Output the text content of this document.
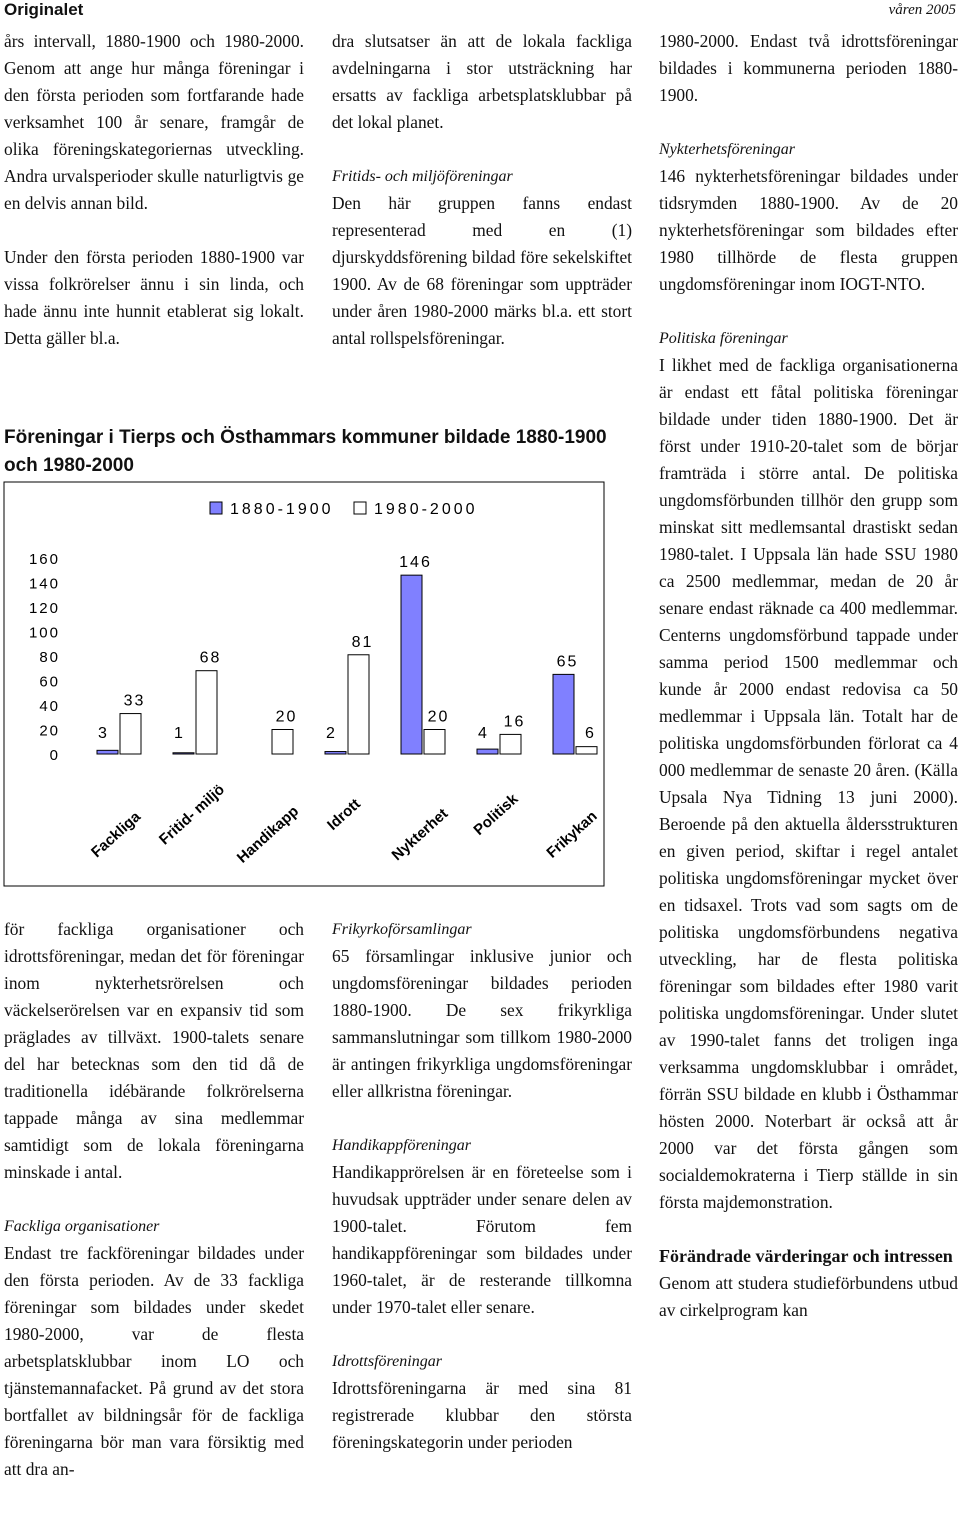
Originalet	våren 2005

års intervall, 1880-1900 och 1980-2000. Genom att ange hur många föreningar i den första perioden som fortfarande hade verksamhet 100 år senare, framgår de olika föreningskategoriernas utveckling. Andra urvalsperioder skulle naturligtvis ge en delvis annan bild.

Under den första perioden 1880-1900 var vissa folkrörelser ännu i sin linda, och hade ännu inte hunnit etablerat sig lokalt. Detta gäller bl.a.

dra slutsatser än att de lokala fackliga avdelningarna i stor utsträckning har ersatts av fackliga arbetsplatsklubbar på det lokal planet.

Fritids- och miljöföreningar

Den här gruppen fanns endast representerad med en (1) djurskyddsförening bildad före sekelskiftet 1900. Av de 68 föreningar som uppträder under åren 1980-2000 märks bl.a. ett stort antal rollspelsföreningar.

1980-2000. Endast två idrottsföreningar bildades i kommunerna perioden 1880-1900.

Nykterhetsföreningar

146 nykterhetsföreningar bildades under tidsrymden 1880-1900. Av de 20 nykterhetsföreningar som bildades efter 1980 tillhörde de flesta gruppen ungdomsföreningar inom IOGT-NTO.

Politiska föreningar

I likhet med de fackliga organisationerna är endast ett fåtal politiska föreningar bildade under tiden 1880-1900. Det är först under 1910-20-talet som de börjar framträda i större antal. De politiska ungdomsförbunden tillhör den grupp som minskat sitt medlemsantal drastiskt sedan 1980-talet. I Uppsala län hade SSU 1980 ca 2500 medlemmar, medan de 20 år senare endast räknade ca 400 medlemmar. Centerns ungdomsförbund tappade under samma period 1500 medlemmar och kunde år 2000 endast redovisa ca 50 medlemmar i Uppsala län. Totalt har de politiska ungdomsförbunden förlorat ca 4 000 medlemmar de senaste 20 åren. (Källa Upsala Nya Tidning 13 juni 2000). Beroende på den aktuella åldersstrukturen en given period, skiftar i regel antalet politiska ungdomsföreningar mycket över en tidsaxel. Trots vad som sagts om de politiska ungdomsförbundens negativa utveckling, har de flesta politiska föreningar som bildades efter 1980 varit politiska ungdomsföreningar. Under slutet av 1990-talet fanns det troligen inga verksamma ungdomsklubbar i området, förrän SSU bildade en klubb i Östhammar hösten 2000. Noterbart är också att år 2000 var det första gången som socialdemokraterna i Tierp ställde in sin första majdemonstration.

Förändrade värderingar och intressen

Genom att studera studieförbundens utbud av cirkelprogram kan

Föreningar i Tierps och Östhammars kommuner bildade 1880-1900 och 1980-2000
1880-1900	1980-2000
160
140
120
100
80
60
40
20
0
3
33
1
68
20
2
81
146
20
4
16
65
6
Fackliga Fritid- miljö Handikapp Idrott Nykterhet Politisk Frikykan

för fackliga organisationer och idrottsföreningar, medan det för föreningar inom nykterhetsrörelsen och väckelserörelsen var en expansiv tid som präglades av tillväxt. 1900-talets senare del har betecknas som den tid då de traditionella idébärande folkrörelserna tappade många av sina medlemmar samtidigt som de lokala föreningarna minskade i antal.

Fackliga organisationer

Endast tre fackföreningar bildades under den första perioden. Av de 33 fackliga föreningar som bildades under skedet 1980-2000, var de flesta arbetsplatsklubbar inom LO och tjänstemannafacket. På grund av det stora bortfallet av bildningsår för de fackliga föreningarna bör man vara försiktig med att dra an-

Frikyrkoförsamlingar

65 församlingar inklusive junior och ungdomsföreningar bildades perioden 1880-1900. De sex frikyrkliga sammanslutningar som tillkom 1980-2000 är antingen frikyrkliga ungdomsföreningar eller allkristna föreningar.

Handikappföreningar

Handikapprörelsen är en företeelse som i huvudsak uppträder under senare delen av 1900-talet. Förutom fem handikappföreningar som bildades under 1960-talet, är de resterande tillkomna under 1970-talet eller senare.

Idrottsföreningar

Idrottsföreningarna är med sina 81 registrerade klubbar den största föreningskategorin under perioden
